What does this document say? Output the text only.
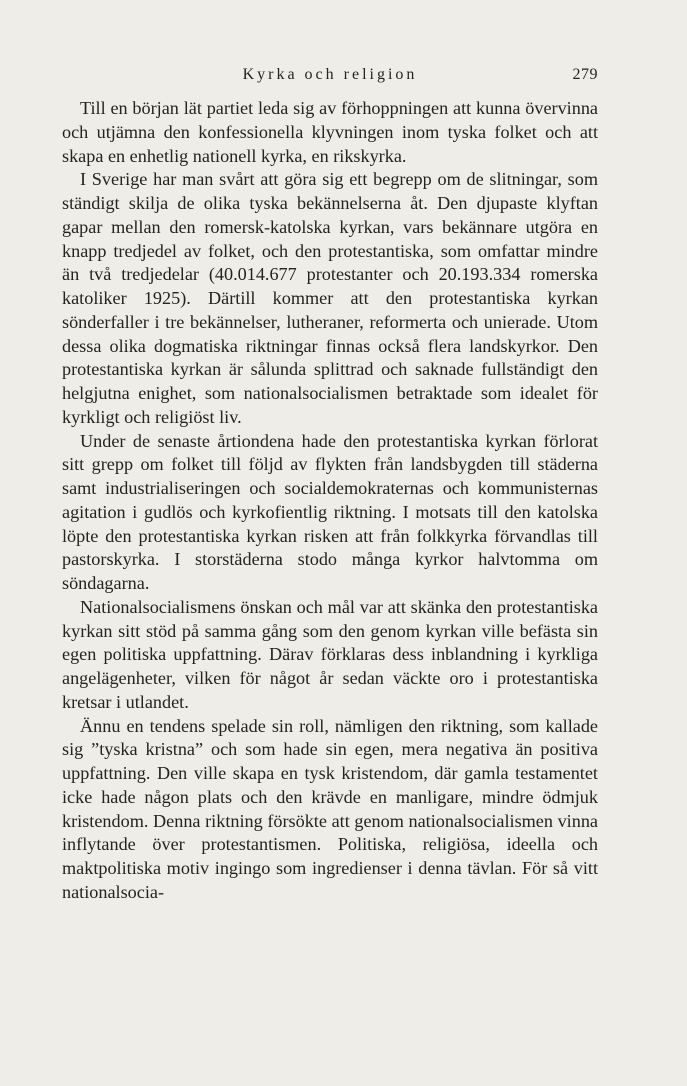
Kyrka och religion	279

Till en början lät partiet leda sig av förhoppningen att kunna övervinna och utjämna den konfessionella klyvningen inom tyska folket och att skapa en enhetlig nationell kyrka, en rikskyrka.

I Sverige har man svårt att göra sig ett begrepp om de slitningar, som ständigt skilja de olika tyska bekännelserna åt. Den djupaste klyftan gapar mellan den romersk-katolska kyrkan, vars bekännare utgöra en knapp tredjedel av folket, och den protestantiska, som omfattar mindre än två tredjedelar (40.014.677 protestanter och 20.193.334 romerska katoliker 1925). Därtill kommer att den protestantiska kyrkan sönderfaller i tre bekännelser, lutheraner, reformerta och unierade. Utom dessa olika dogmatiska riktningar finnas också flera landskyrkor. Den protestantiska kyrkan är sålunda splittrad och saknade fullständigt den helgjutna enighet, som nationalsocialismen betraktade som idealet för kyrkligt och religiöst liv.

Under de senaste årtiondena hade den protestantiska kyrkan förlorat sitt grepp om folket till följd av flykten från landsbygden till städerna samt industrialiseringen och socialdemokraternas och kommunisternas agitation i gudlös och kyrkofientlig riktning. I motsats till den katolska löpte den protestantiska kyrkan risken att från folkkyrka förvandlas till pastorskyrka. I storstäderna stodo många kyrkor halvtomma om söndagarna.

Nationalsocialismens önskan och mål var att skänka den protestantiska kyrkan sitt stöd på samma gång som den genom kyrkan ville befästa sin egen politiska uppfattning. Därav förklaras dess inblandning i kyrkliga angelägenheter, vilken för något år sedan väckte oro i protestantiska kretsar i utlandet.

Ännu en tendens spelade sin roll, nämligen den riktning, som kallade sig ”tyska kristna” och som hade sin egen, mera negativa än positiva uppfattning. Den ville skapa en tysk kristendom, där gamla testamentet icke hade någon plats och den krävde en manligare, mindre ödmjuk kristendom. Denna riktning försökte att genom nationalsocialismen vinna inflytande över protestantismen. Politiska, religiösa, ideella och maktpolitiska motiv ingingo som ingredienser i denna tävlan. För så vitt nationalsocia-
